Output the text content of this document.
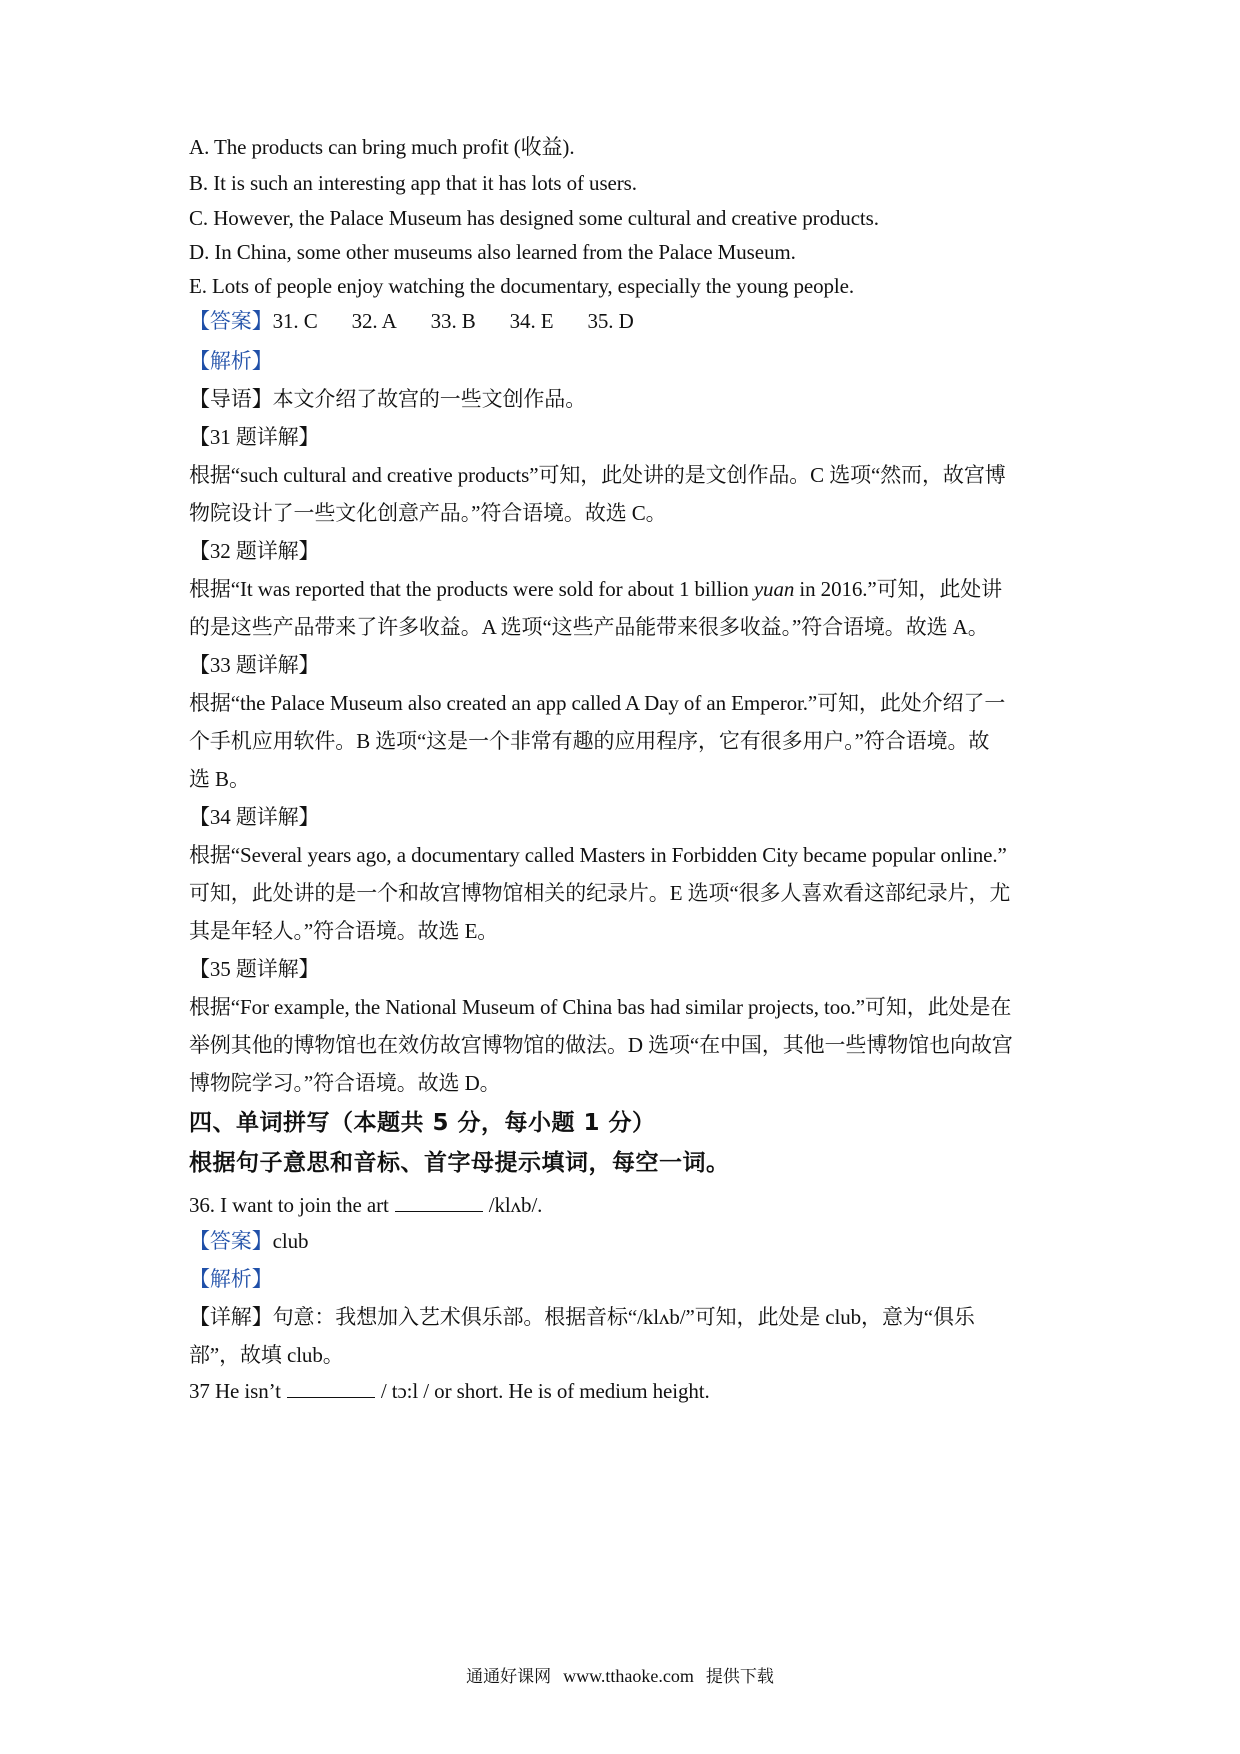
A. The products can bring much profit (收益).
B. It is such an interesting app that it has lots of users.
C. However, the Palace Museum has designed some cultural and creative products.
D. In China, some other museums also learned from the Palace Museum.
E. Lots of people enjoy watching the documentary, especially the young people.
【答案】31. C 32. A 33. B 34. E 35. D
【解析】
【导语】本文介绍了故宫的一些文创作品。
【31 题详解】
根据“such cultural and creative products”可知，此处讲的是文创作品。C 选项“然而，故宫博
物院设计了一些文化创意产品。”符合语境。故选 C。
【32 题详解】
根据“It was reported that the products were sold for about 1 billion yuan in 2016.”可知，此处讲
的是这些产品带来了许多收益。A 选项“这些产品能带来很多收益。”符合语境。故选 A。
【33 题详解】
根据“the Palace Museum also created an app called A Day of an Emperor.”可知，此处介绍了一
个手机应用软件。B 选项“这是一个非常有趣的应用程序，它有很多用户。”符合语境。故
选 B。
【34 题详解】
根据“Several years ago, a documentary called Masters in Forbidden City became popular online.”
可知，此处讲的是一个和故宫博物馆相关的纪录片。E 选项“很多人喜欢看这部纪录片，尤
其是年轻人。”符合语境。故选 E。
【35 题详解】
根据“For example, the National Museum of China bas had similar projects, too.”可知，此处是在
举例其他的博物馆也在效仿故宫博物馆的做法。D 选项“在中国，其他一些博物馆也向故宫
博物院学习。”符合语境。故选 D。
四、单词拼写（本题共 5 分，每小题 1 分）
根据句子意思和音标、首字母提示填词，每空一词。
36. I want to join the art	/klʌb/.
【答案】club
【解析】
【详解】句意：我想加入艺术俱乐部。根据音标“/klʌb/”可知，此处是 club，意为“俱乐
部”，故填 club。
37 He isn’t	/ tɔ:l / or short. He is of medium height.
通通好课网 www.tthaoke.com 提供下载
